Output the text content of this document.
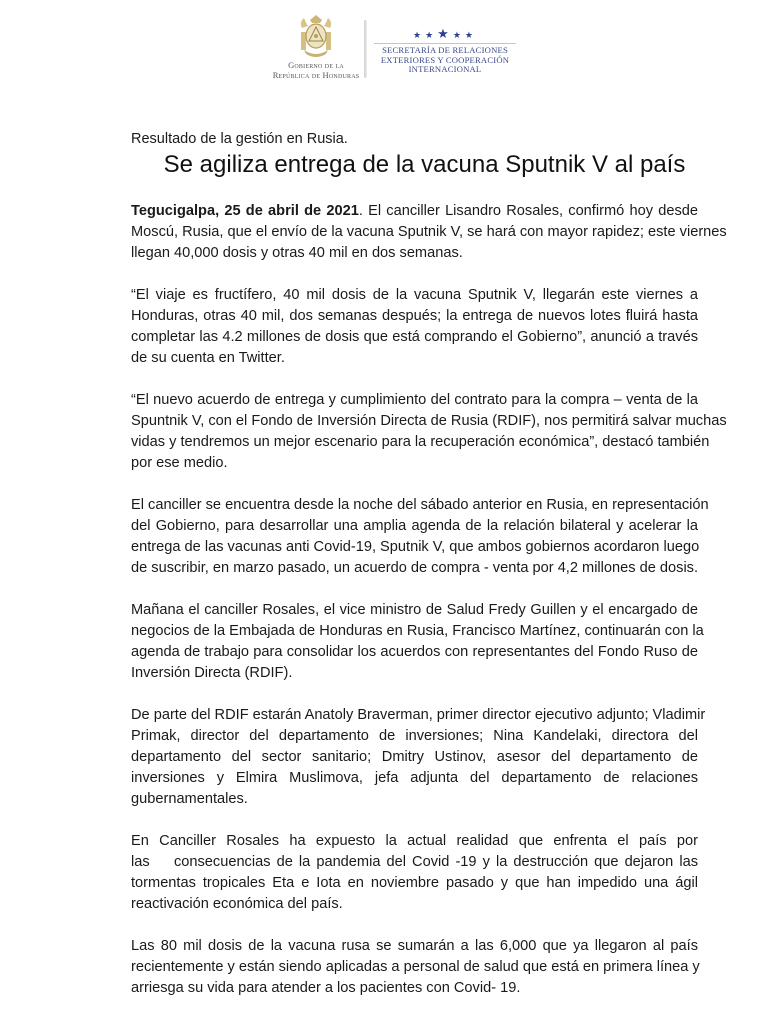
Gobierno de la
República de Honduras
★★★★★
SECRETARÍA DE RELACIONES
EXTERIORES Y COOPERACIÓN
INTERNACIONAL

Resultado de la gestión en Rusia.

Se agiliza entrega de la vacuna Sputnik V al país
Tegucigalpa, 25 de abril de 2021. El canciller Lisandro Rosales, confirmó hoy desde
Moscú, Rusia, que el envío de la vacuna Sputnik V, se hará con mayor rapidez; este viernes
llegan 40,000 dosis y otras 40 mil en dos semanas.
“El viaje es fructífero, 40 mil dosis de la vacuna Sputnik V, llegarán este viernes a
Honduras, otras 40 mil, dos semanas después; la entrega de nuevos lotes fluirá hasta
completar las 4.2 millones de dosis que está comprando el Gobierno”, anunció a través
de su cuenta en Twitter.
“El nuevo acuerdo de entrega y cumplimiento del contrato para la compra – venta de la
Spuntnik V, con el Fondo de Inversión Directa de Rusia (RDIF), nos permitirá salvar muchas
vidas y tendremos un mejor escenario para la recuperación económica”, destacó también
por ese medio.
El canciller se encuentra desde la noche del sábado anterior en Rusia, en representación
del Gobierno, para desarrollar una amplia agenda de la relación bilateral y acelerar la
entrega de las vacunas anti Covid-19, Sputnik V, que ambos gobiernos acordaron luego
de suscribir, en marzo pasado, un acuerdo de compra - venta por 4,2 millones de dosis.
Mañana el canciller Rosales, el vice ministro de Salud Fredy Guillen y el encargado de
negocios de la Embajada de Honduras en Rusia, Francisco Martínez, continuarán con la
agenda de trabajo para consolidar los acuerdos con representantes del Fondo Ruso de
Inversión Directa (RDIF).
De parte del RDIF estarán Anatoly Braverman, primer director ejecutivo adjunto; Vladimir
Primak, director del departamento de inversiones; Nina Kandelaki, directora del
departamento del sector sanitario; Dmitry Ustinov, asesor del departamento de
inversiones y Elmira Muslimova, jefa adjunta del departamento de relaciones
gubernamentales.
En Canciller Rosales ha expuesto la actual realidad que enfrenta el país por
las    consecuencias de la pandemia del Covid -19 y la destrucción que dejaron las
tormentas tropicales Eta e Iota en noviembre pasado y que han impedido una ágil
reactivación económica del país.
Las 80 mil dosis de la vacuna rusa se sumarán a las 6,000 que ya llegaron al país
recientemente y están siendo aplicadas a personal de salud que está en primera línea y
arriesga su vida para atender a los pacientes con Covid- 19.
